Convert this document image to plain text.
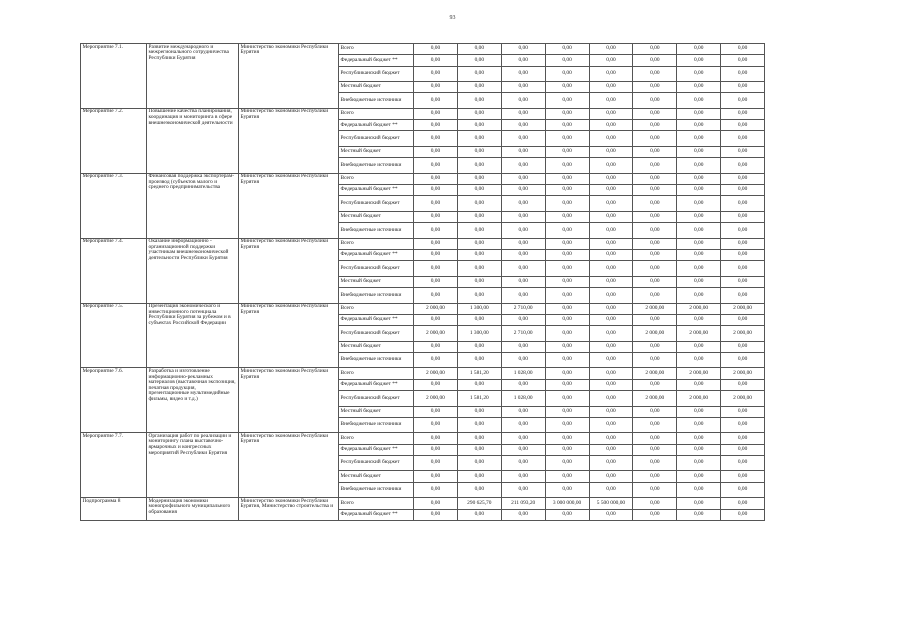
93
Мероприятие 7.1.	Развитие международного и межрегионального сотрудничества Республики Бурятия	Министерство экономики Республики Бурятия	Всего	0,00	0,00	0,00	0,00	0,00	0,00	0,00	0,00
			Федеральный бюджет **	0,00	0,00	0,00	0,00	0,00	0,00	0,00	0,00
			Республиканский бюджет	0,00	0,00	0,00	0,00	0,00	0,00	0,00	0,00
			Местный бюджет	0,00	0,00	0,00	0,00	0,00	0,00	0,00	0,00
			Внебюджетные источники	0,00	0,00	0,00	0,00	0,00	0,00	0,00	0,00
Мероприятие 7.2.	Повышение качества планирования, координация и мониторинга в сфере внешнеэкономической деятельности	Министерство экономики Республики Бурятия	Всего	0,00	0,00	0,00	0,00	0,00	0,00	0,00	0,00
			Федеральный бюджет **	0,00	0,00	0,00	0,00	0,00	0,00	0,00	0,00
			Республиканский бюджет	0,00	0,00	0,00	0,00	0,00	0,00	0,00	0,00
			Местный бюджет	0,00	0,00	0,00	0,00	0,00	0,00	0,00	0,00
			Внебюджетные источники	0,00	0,00	0,00	0,00	0,00	0,00	0,00	0,00
Мероприятие 7.3.	Финансовая поддержка экспортерам-производ (субъектов малого и среднего предпринимательства	Министерство экономики Республики Бурятия	Всего	0,00	0,00	0,00	0,00	0,00	0,00	0,00	0,00
			Федеральный бюджет **	0,00	0,00	0,00	0,00	0,00	0,00	0,00	0,00
			Республиканский бюджет	0,00	0,00	0,00	0,00	0,00	0,00	0,00	0,00
			Местный бюджет	0,00	0,00	0,00	0,00	0,00	0,00	0,00	0,00
			Внебюджетные источники	0,00	0,00	0,00	0,00	0,00	0,00	0,00	0,00
Мероприятие 7.4.	Оказание информационно - организационной поддержки участникам внешнеэкономической деятельности Республики Бурятия	Министерство экономики Республики Бурятия	Всего	0,00	0,00	0,00	0,00	0,00	0,00	0,00	0,00
			Федеральный бюджет **	0,00	0,00	0,00	0,00	0,00	0,00	0,00	0,00
			Республиканский бюджет	0,00	0,00	0,00	0,00	0,00	0,00	0,00	0,00
			Местный бюджет	0,00	0,00	0,00	0,00	0,00	0,00	0,00	0,00
			Внебюджетные источники	0,00	0,00	0,00	0,00	0,00	0,00	0,00	0,00
Мероприятие 7.5.	Презентация экономического и инвестиционного потенциала Республики Бурятия за рубежом и в субъектах Российской Федерации	Министерство экономики Республики Бурятия	Всего	2 000,00	1 300,00	2 710,00	0,00	0,00	2 000,00	2 000,00	2 000,00
			Федеральный бюджет **	0,00	0,00	0,00	0,00	0,00	0,00	0,00	0,00
			Республиканский бюджет	2 000,00	1 300,00	2 710,00	0,00	0,00	2 000,00	2 000,00	2 000,00
			Местный бюджет	0,00	0,00	0,00	0,00	0,00	0,00	0,00	0,00
			Внебюджетные источники	0,00	0,00	0,00	0,00	0,00	0,00	0,00	0,00
Мероприятие 7.6.	Разработка и изготовление информационно-рекламных материалов (выставочная экспозиция, печатная продукция, презентационные мультимедийные фильмы, видео и т.д.)	Министерство экономики Республики Бурятия	Всего	2 000,00	1 581,20	1 028,00	0,00	0,00	2 000,00	2 000,00	2 000,00
			Федеральный бюджет **	0,00	0,00	0,00	0,00	0,00	0,00	0,00	0,00
			Республиканский бюджет	2 000,00	1 581,20	1 028,00	0,00	0,00	2 000,00	2 000,00	2 000,00
			Местный бюджет	0,00	0,00	0,00	0,00	0,00	0,00	0,00	0,00
			Внебюджетные источники	0,00	0,00	0,00	0,00	0,00	0,00	0,00	0,00
Мероприятие 7.7.	Организация работ по реализации и мониторингу плана выставочно-ярмарочных и конгрессных мероприятий Республики Бурятия	Министерство экономики Республики Бурятия	Всего	0,00	0,00	0,00	0,00	0,00	0,00	0,00	0,00
			Федеральный бюджет **	0,00	0,00	0,00	0,00	0,00	0,00	0,00	0,00
			Республиканский бюджет	0,00	0,00	0,00	0,00	0,00	0,00	0,00	0,00
			Местный бюджет	0,00	0,00	0,00	0,00	0,00	0,00	0,00	0,00
			Внебюджетные источники	0,00	0,00	0,00	0,00	0,00	0,00	0,00	0,00
Подпрограмма 8	Модернизация экономики монопрофильного муниципального образования	Министерство экономики Республики Бурятия, Министерство строительства и	Всего	0,00	290 625,70	211 093,20	3 000 000,00	5 500 000,00	0,00	0,00	0,00
			Федеральный бюджет **	0,00	0,00	0,00	0,00	0,00	0,00	0,00	0,00
